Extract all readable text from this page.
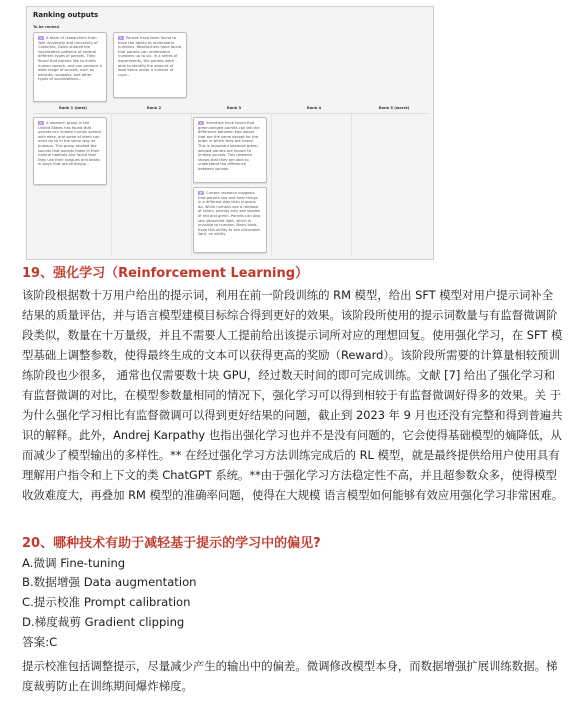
Ranking outputs
To be ranked
A A team of researchers from Yale University and University of California, Davis studied the vocalization patterns of several different types of parrots. They found that parrots like to mimic human speech, and can produce a wide range of sounds, such as whistles, squawks, and other types of vocalizations...
C Parrots have been found to have the ability to understand numbers. Researchers have found that parrots can understand numbers up to six. In a series of experiments, the parrots were able to identify the amount of food items under a number of cups...
Rank 1 (best)	Rank 2	Rank 3	Rank 4	Rank 5 (worst)
E A research group in the United States has found that parrots can imitate human speech with ease, and some of them can even do so in the same way as humans. This group studied the sounds that parrots make in their natural habitats and found that they use their tongues and beaks in ways that are strikingly...
D Scientists have found that green-winged parrots can tell the difference between two noises that are the same except for the order in which they are heard. This is important because green-winged parrots are known to imitate sounds. This research shows that they are able to understand the difference between sounds.
B Current research suggests that parrots see and hear things in a different way than humans do. While humans see a rainbow of colors, parrots only see shades of red and green. Parrots can also see ultraviolet light, which is invisible to humans. Many birds have this ability to see ultraviolet light, an ability
19、强化学习（Reinforcement Learning）
该阶段根据数十万用户给出的提示词，利用在前一阶段训练的 RM 模型，给出 SFT 模型对用户提示词补全结果的质量评估，并与语言模型建模目标综合得到更好的效果。该阶段所使用的提示词数量与有监督微调阶段类似，数量在十万量级，并且不需要人工提前给出该提示词所对应的理想回复。使用强化学习，在 SFT 模型基础上调整参数，使得最终生成的文本可以获得更高的奖励（Reward）。该阶段所需要的计算量相较预训练阶段也少很多， 通常也仅需要数十块 GPU，经过数天时间的即可完成训练。文献 [7] 给出了强化学习和有监督微调的对比，在模型参数量相同的情况下，强化学习可以得到相较于有监督微调好得多的效果。关 于为什么强化学习相比有监督微调可以得到更好结果的问题，截止到 2023 年 9 月也还没有完整和得到普遍共识的解释。此外，Andrej Karpathy 也指出强化学习也并不是没有问题的，它会使得基础模型的熵降低，从而减少了模型输出的多样性。** 在经过强化学习方法训练完成后的 RL 模型，就是最终提供给用户使用具有理解用户指令和上下文的类 ChatGPT 系统。**由于强化学习方法稳定性不高，并且超参数众多，使得模型收敛难度大，再叠加 RM 模型的准确率问题，使得在大规模 语言模型如何能够有效应用强化学习非常困难。
20、哪种技术有助于减轻基于提示的学习中的偏见?
A.微调 Fine-tuning
B.数据增强 Data augmentation
C.提示校准 Prompt calibration
D.梯度裁剪 Gradient clipping
答案:C
提示校准包括调整提示，尽量减少产生的输出中的偏差。微调修改模型本身，而数据增强扩展训练数据。梯度裁剪防止在训练期间爆炸梯度。
